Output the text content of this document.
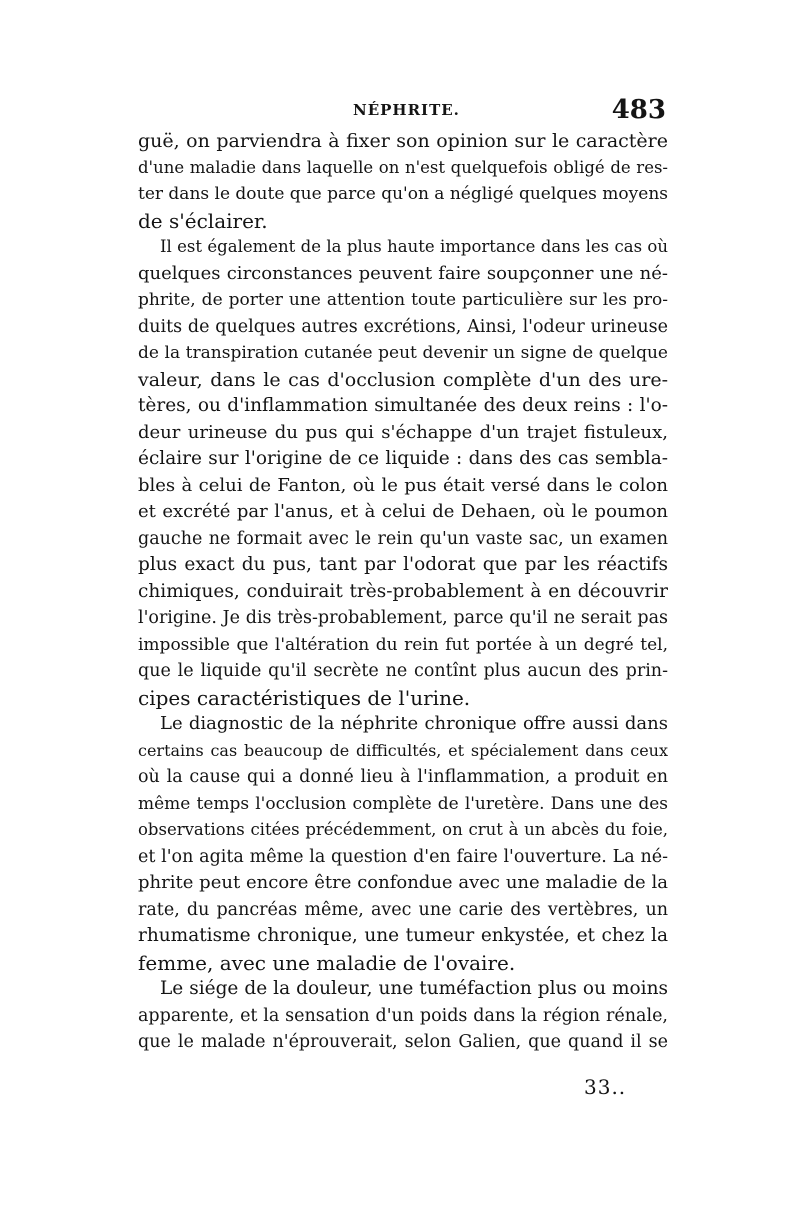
NÉPHRITE.	483
guë, on parviendra à fixer son opinion sur le caractère
d'une maladie dans laquelle on n'est quelquefois obligé de res-
ter dans le doute que parce qu'on a négligé quelques moyens
de s'éclairer.
Il est également de la plus haute importance dans les cas où
quelques circonstances peuvent faire soupçonner une né-
phrite, de porter une attention toute particulière sur les pro-
duits de quelques autres excrétions, Ainsi, l'odeur urineuse
de la transpiration cutanée peut devenir un signe de quelque
valeur, dans le cas d'occlusion complète d'un des ure-
tères, ou d'inflammation simultanée des deux reins : l'o-
deur urineuse du pus qui s'échappe d'un trajet fistuleux,
éclaire sur l'origine de ce liquide : dans des cas sembla-
bles à celui de Fanton, où le pus était versé dans le colon
et excrété par l'anus, et à celui de Dehaen, où le poumon
gauche ne formait avec le rein qu'un vaste sac, un examen
plus exact du pus, tant par l'odorat que par les réactifs
chimiques, conduirait très-probablement à en découvrir
l'origine. Je dis très-probablement, parce qu'il ne serait pas
impossible que l'altération du rein fut portée à un degré tel,
que le liquide qu'il secrète ne contînt plus aucun des prin-
cipes caractéristiques de l'urine.
Le diagnostic de la néphrite chronique offre aussi dans
certains cas beaucoup de difficultés, et spécialement dans ceux
où la cause qui a donné lieu à l'inflammation, a produit en
même temps l'occlusion complète de l'uretère. Dans une des
observations citées précédemment, on crut à un abcès du foie,
et l'on agita même la question d'en faire l'ouverture. La né-
phrite peut encore être confondue avec une maladie de la
rate, du pancréas même, avec une carie des vertèbres, un
rhumatisme chronique, une tumeur enkystée, et chez la
femme, avec une maladie de l'ovaire.
Le siége de la douleur, une tuméfaction plus ou moins
apparente, et la sensation d'un poids dans la région rénale,
que le malade n'éprouverait, selon Galien, que quand il se
33..
